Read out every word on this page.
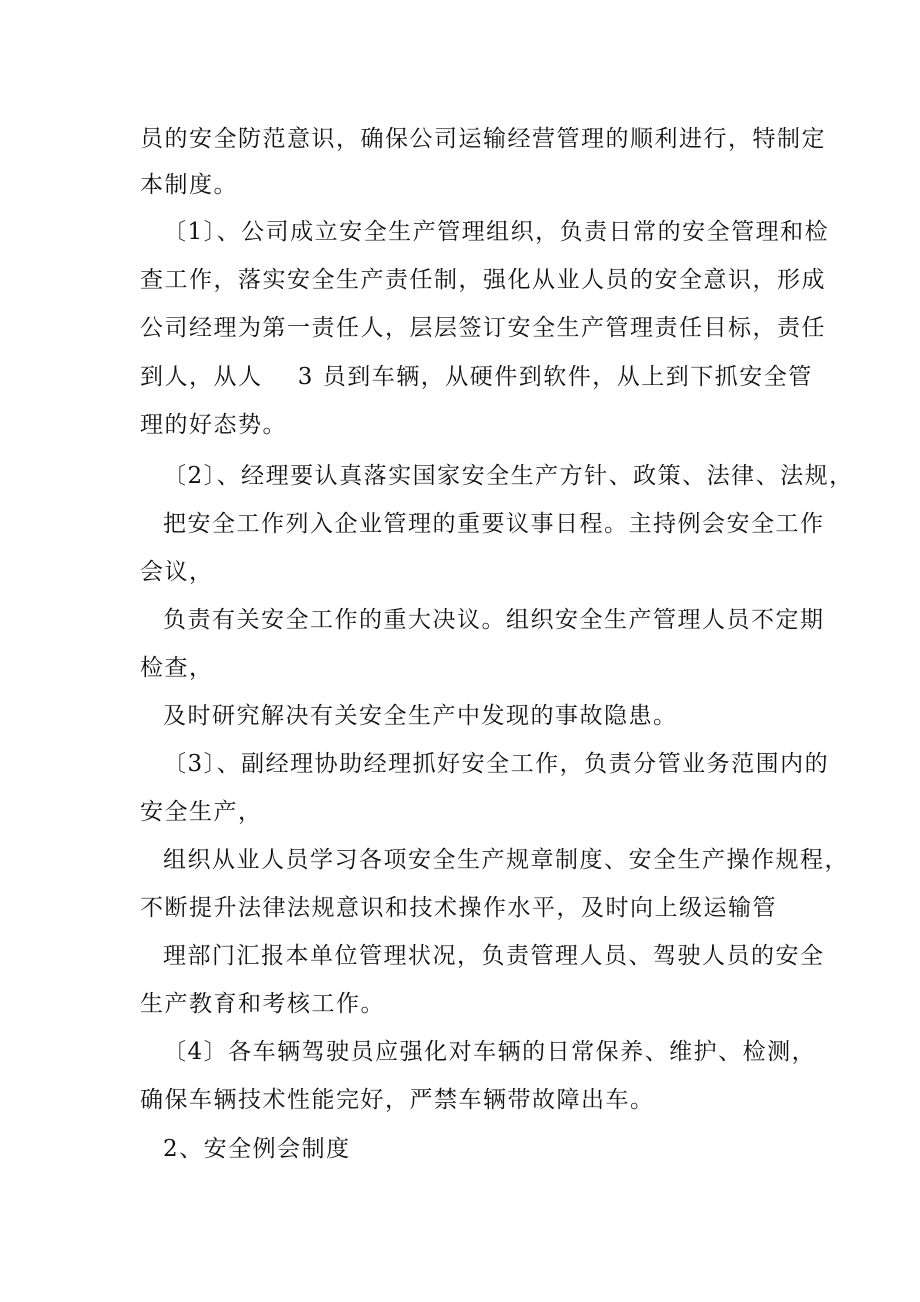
员的安全防范意识，确保公司运输经营管理的顺利进行，特制定
本制度。
〔1〕、公司成立安全生产管理组织，负责日常的安全管理和检
查工作，落实安全生产责任制，强化从业人员的安全意识，形成
公司经理为第一责任人，层层签订安全生产管理责任目标，责任
到人，从人    3 员到车辆，从硬件到软件，从上到下抓安全管
理的好态势。
〔2〕、经理要认真落实国家安全生产方针、政策、法律、法规，
把安全工作列入企业管理的重要议事日程。主持例会安全工作
会议，
负责有关安全工作的重大决议。组织安全生产管理人员不定期
检查，
及时研究解决有关安全生产中发现的事故隐患。
〔3〕、副经理协助经理抓好安全工作，负责分管业务范围内的
安全生产，
组织从业人员学习各项安全生产规章制度、安全生产操作规程，
不断提升法律法规意识和技术操作水平，及时向上级运输管
理部门汇报本单位管理状况，负责管理人员、驾驶人员的安全
生产教育和考核工作。
〔4〕各车辆驾驶员应强化对车辆的日常保养、维护、检测，
确保车辆技术性能完好，严禁车辆带故障出车。
2、安全例会制度
